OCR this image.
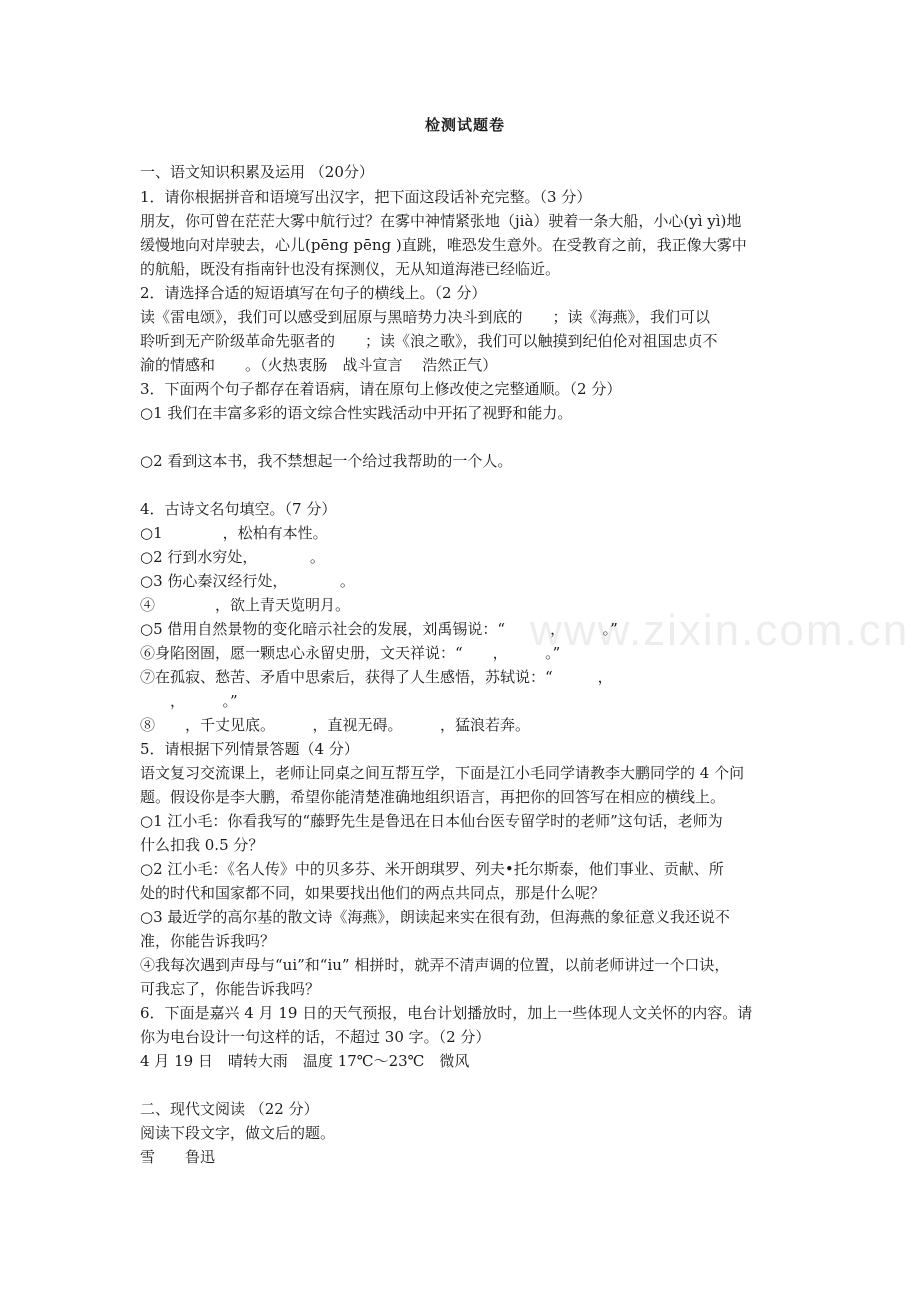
检测试题卷
一、语文知识积累及运用 （20分）
1．请你根据拼音和语境写出汉字，把下面这段话补充完整。（3 分）
朋友，你可曾在茫茫大雾中航行过？在雾中神情紧张地（jià）驶着一条大船，小心(yì yì)地
缓慢地向对岸驶去，心儿(pēng pēng )直跳，唯恐发生意外。在受教育之前，我正像大雾中
的航船，既没有指南针也没有探测仪，无从知道海港已经临近。
2．请选择合适的短语填写在句子的横线上。（2 分）
读《雷电颂》，我们可以感受到屈原与黑暗势力决斗到底的　　；读《海燕》，我们可以
聆听到无产阶级革命先驱者的　　；读《浪之歌》，我们可以触摸到纪伯伦对祖国忠贞不
渝的情感和　　。（火热衷肠　战斗宣言　 浩然正气）
3．下面两个句子都存在着语病，请在原句上修改使之完整通顺。（2 分）
○1 我们在丰富多彩的语文综合性实践活动中开拓了视野和能力。
○2 看到这本书，我不禁想起一个给过我帮助的一个人。
4．古诗文名句填空。（7 分）
○1　　　　，松柏有本性。
○2 行到水穷处，　　　　。
○3 伤心秦汉经行处，　　　　。
④　　　　，欲上青天览明月。
○5 借用自然景物的变化暗示社会的发展，刘禹锡说：“　　　，　　　。”
⑥身陷囹圄，愿一颗忠心永留史册，文天祥说：“　　，　　　。”
⑦在孤寂、愁苦、矛盾中思索后，获得了人生感悟，苏轼说：“　　　，
　　，　　　。”
⑧　　，千丈见底。　　　，直视无碍。　　　，猛浪若奔。
5．请根据下列情景答题（4 分）
语文复习交流课上，老师让同桌之间互帮互学，下面是江小毛同学请教李大鹏同学的 4 个问
题。假设你是李大鹏，希望你能清楚准确地组织语言，再把你的回答写在相应的横线上。
○1 江小毛：你看我写的“藤野先生是鲁迅在日本仙台医专留学时的老师”这句话，老师为
什么扣我 0.5 分？
○2 江小毛：《名人传》中的贝多芬、米开朗琪罗、列夫•托尔斯泰，他们事业、贡献、所
处的时代和国家都不同，如果要找出他们的两点共同点，那是什么呢？
○3 最近学的高尔基的散文诗《海燕》，朗读起来实在很有劲，但海燕的象征意义我还说不
准，你能告诉我吗？
④我每次遇到声母与“ui”和“iu” 相拼时，就弄不清声调的位置，以前老师讲过一个口诀，
可我忘了，你能告诉我吗？
6．下面是嘉兴 4 月 19 日的天气预报，电台计划播放时，加上一些体现人文关怀的内容。请
你为电台设计一句这样的话，不超过 30 字。（2 分）
4 月 19 日　晴转大雨　温度 17℃～23℃　微风
二、现代文阅读 （22 分）
阅读下段文字，做文后的题。
雪　　鲁迅
www.zixin.com.cn
